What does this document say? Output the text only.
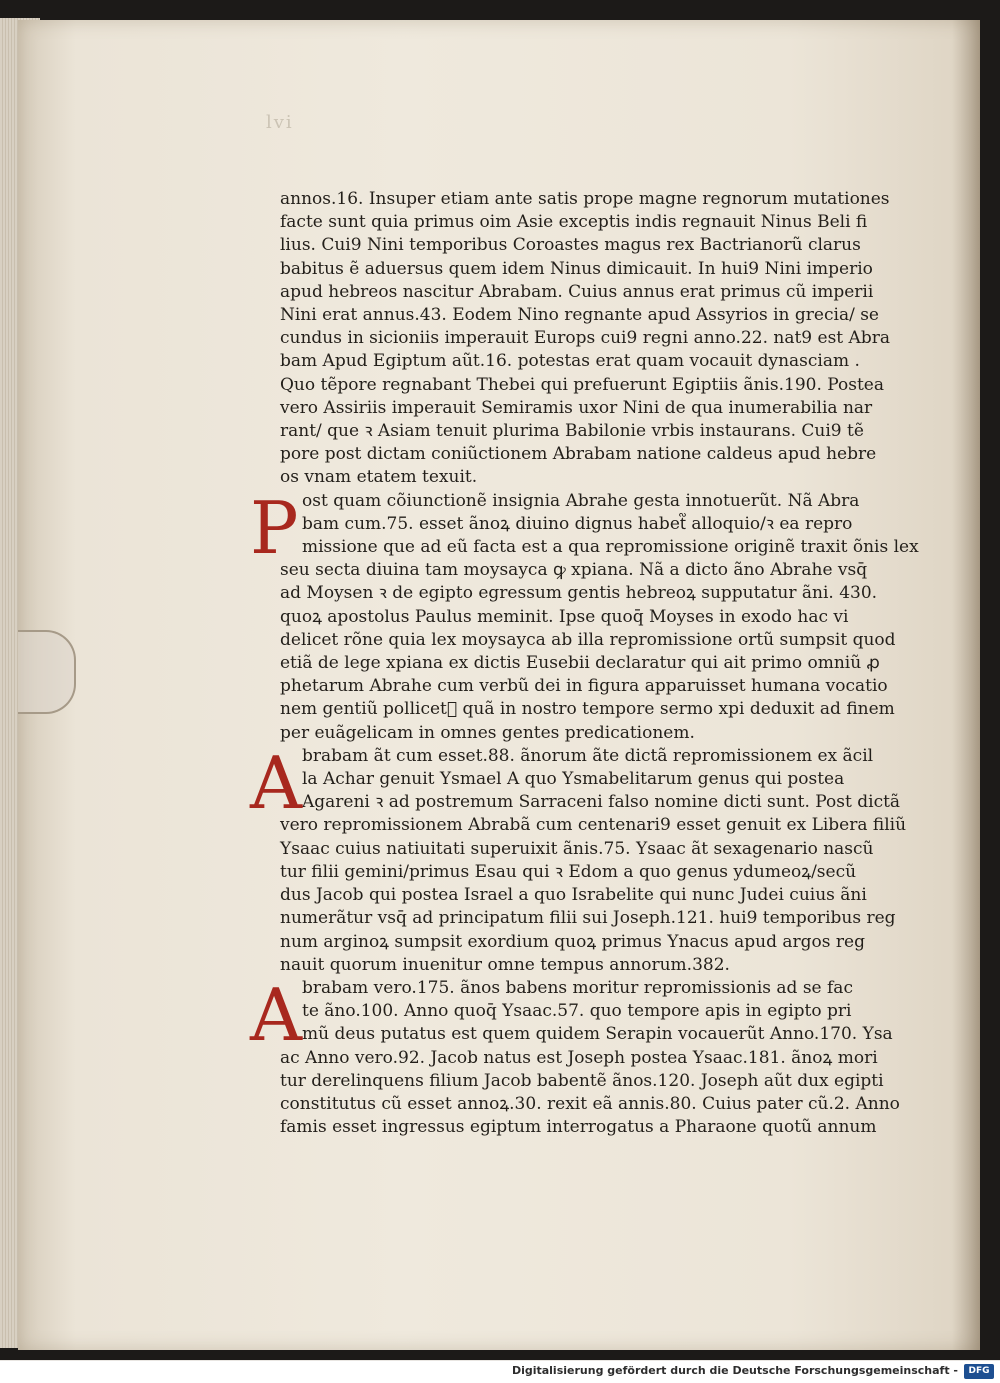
lvi
annos.16. Insuper etiam ante satis prope magne regnorum mutationes
facte sunt quia primus oim Asie exceptis indis regnauit Ninus Beli fi
lius. Cui9 Nini temporibus Coroastes magus rex Bactrianorũ clarus
babitus ẽ aduersus quem idem Ninus dimicauit. In hui9 Nini imperio
apud hebreos nascitur Abrabam. Cuius annus erat primus cũ imperii
Nini erat annus.43. Eodem Nino regnante apud Assyrios in grecia/ se
cundus in sicioniis imperauit Europs cui9 regni anno.22. nat9 est Abra
bam Apud Egiptum aũt.16. potestas erat quam vocauit dynasciam .
Quo tẽpore regnabant Thebei qui prefuerunt Egiptiis ãnis.190. Postea
vero Assiriis imperauit Semiramis uxor Nini de qua inumerabilia nar
rant/ que ꝛ Asiam tenuit plurima Babilonie vrbis instaurans. Cui9 tẽ
pore post dictam coniũctionem Abrabam natione caldeus apud hebre
os vnam etatem texuit.
P ost quam cõiunctionẽ insignia Abrahe gesta innotuerũt. Nã Abra
bam cum.75. esset ãnoꝝ diuino dignus habet᷑ alloquio/ꝛ ea repro
missione que ad eũ facta est a qua repromissione originẽ traxit õnis lex
seu secta diuina tam moysayca ꝙ xpiana. Nã a dicto ãno Abrahe vsq̄
ad Moysen ꝛ de egipto egressum gentis hebreoꝝ supputatur ãni. 430.
quoꝝ apostolus Paulus meminit. Ipse quoq̄ Moyses in exodo hac vi
delicet rõne quia lex moysayca ab illa repromissione ortũ sumpsit quod
etiã de lege xpiana ex dictis Eusebii declaratur qui ait primo omniũ ꝓ
phetarum Abrahe cum verbũ dei in figura apparuisset humana vocatio
nem gentiũ pollicet᷑ quã in nostro tempore sermo xpi deduxit ad finem
per euãgelicam in omnes gentes predicationem.
A brabam ãt cum esset.88. ãnorum ãte dictã repromissionem ex ãcil
la Achar genuit Ysmael A quo Ysmabelitarum genus qui postea
Agareni ꝛ ad postremum Sarraceni falso nomine dicti sunt. Post dictã
vero repromissionem Abrabã cum centenari9 esset genuit ex Libera filiũ
Ysaac cuius natiuitati superuixit ãnis.75. Ysaac ãt sexagenario nascũ
tur filii gemini/primus Esau qui ꝛ Edom a quo genus ydumeoꝝ/secũ
dus Jacob qui postea Israel a quo Israbelite qui nunc Judei cuius ãni
numerãtur vsq̄ ad principatum filii sui Joseph.121. hui9 temporibus reg
num arginoꝝ sumpsit exordium quoꝝ primus Ynacus apud argos reg
nauit quorum inuenitur omne tempus annorum.382.
A brabam vero.175. ãnos babens moritur repromissionis ad se fac
te ãno.100. Anno quoq̄ Ysaac.57. quo tempore apis in egipto pri
mũ deus putatus est quem quidem Serapin vocauerũt Anno.170. Ysa
ac Anno vero.92. Jacob natus est Joseph postea Ysaac.181. ãnoꝝ mori
tur derelinquens filium Jacob babentẽ ãnos.120. Joseph aũt dux egipti
constitutus cũ esset annoꝝ.30. rexit eã annis.80. Cuius pater cũ.2. Anno
famis esset ingressus egiptum interrogatus a Pharaone quotũ annum
Digitalisierung gefördert durch die Deutsche Forschungsgemeinschaft -	DFG
